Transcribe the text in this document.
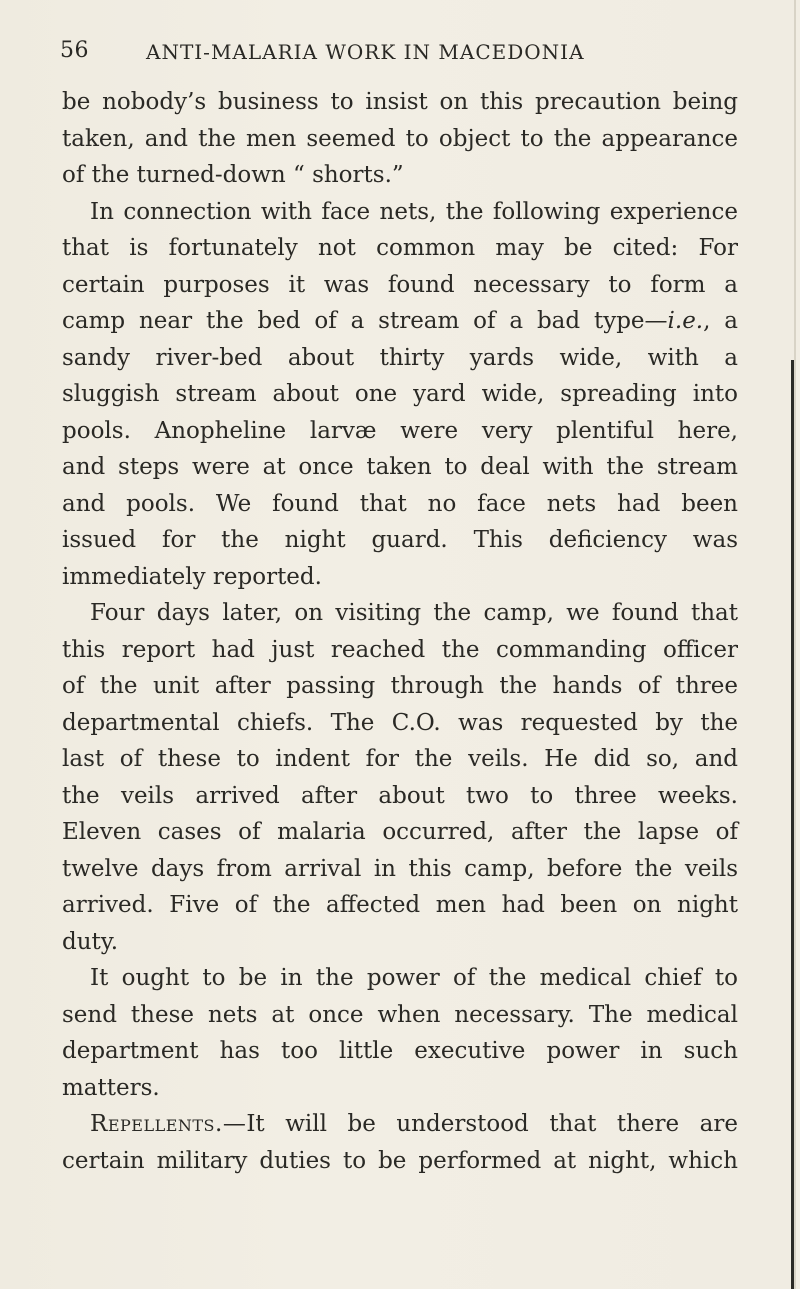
56	ANTI-MALARIA WORK IN MACEDONIA
be nobody’s business to insist on this precaution being
taken, and the men seemed to object to the appearance
of the turned-down “ shorts.”
In connection with face nets, the following experience
that is fortunately not common may be cited: For
certain purposes it was found necessary to form a
camp near the bed of a stream of a bad type—i.e., a
sandy river-bed about thirty yards wide, with a
sluggish stream about one yard wide, spreading into
pools. Anopheline larvæ were very plentiful here,
and steps were at once taken to deal with the stream
and pools. We found that no face nets had been
issued for the night guard. This deficiency was
immediately reported.
Four days later, on visiting the camp, we found that
this report had just reached the commanding officer
of the unit after passing through the hands of three
departmental chiefs. The C.O. was requested by the
last of these to indent for the veils. He did so, and
the veils arrived after about two to three weeks.
Eleven cases of malaria occurred, after the lapse of
twelve days from arrival in this camp, before the veils
arrived. Five of the affected men had been on night
duty.
It ought to be in the power of the medical chief to
send these nets at once when necessary. The medical
department has too little executive power in such
matters.
Repellents.—It will be understood that there are
certain military duties to be performed at night, which
